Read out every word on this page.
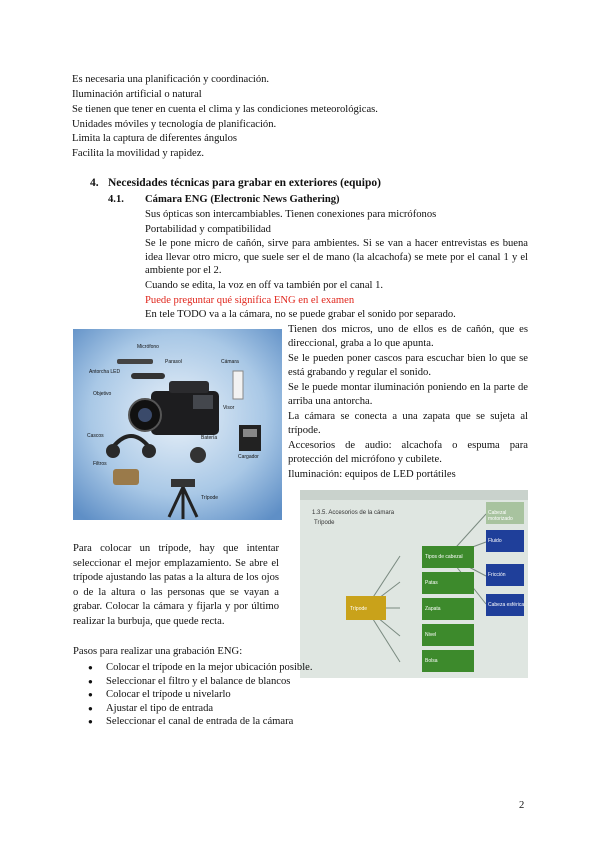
Es necesaria una planificación y coordinación.
Iluminación artificial o natural
Se tienen que tener en cuenta el clima y las condiciones meteorológicas.
Unidades móviles y tecnología de planificación.
Limita la captura de diferentes ángulos
Facilita la movilidad y rapidez.
4. Necesidades técnicas para grabar en exteriores (equipo)
4.1. Cámara ENG (Electronic News Gathering)
Sus ópticas son intercambiables. Tienen conexiones para micrófonos
Portabilidad y compatibilidad
Se le pone micro de cañón, sirve para ambientes. Si se van a hacer entrevistas es buena idea llevar otro micro, que suele ser el de mano (la alcachofa) se mete por el canal 1 y el ambiente por el 2.
Cuando se edita, la voz en off va también por el canal 1.
Puede preguntar qué significa ENG en el examen
En tele TODO va a la cámara, no se puede grabar el sonido por separado.
Micrófono
Antorcha LED
Cascos
Cámara
Visor
Objetivo
Batería
Cargador
Parasol
Filtros
Trípode
Tienen dos micros, uno de ellos es de cañón, que es direccional, graba a lo que apunta.
Se le pueden poner cascos para escuchar bien lo que se está grabando y regular el sonido.
Se le puede montar iluminación poniendo en la parte de arriba una antorcha.
La cámara se conecta a una zapata que se sujeta al trípode.
Accesorios de audio: alcachofa o espuma para protección del micrófono y cubilete.
Iluminación: equipos de LED portátiles
1.3.5. Accesorios de la cámara
Trípode
Trípode
Tipos de cabezal
Patas
Zapata
Nivel
Bolsa
Fluido
Fricción
Cabeza esférica
Cabezal motorizado
Para colocar un trípode, hay que intentar seleccionar el mejor emplazamiento. Se abre el trípode ajustando las patas a la altura de los ojos o de la altura o las personas que se vayan a grabar. Colocar la cámara y fijarla y por último realizar la burbuja, que quede recta.
Pasos para realizar una grabación ENG:
● Colocar el trípode en la mejor ubicación posible.
● Seleccionar el filtro y el balance de blancos
● Colocar el trípode u nivelarlo
● Ajustar el tipo de entrada
● Seleccionar el canal de entrada de la cámara
2
